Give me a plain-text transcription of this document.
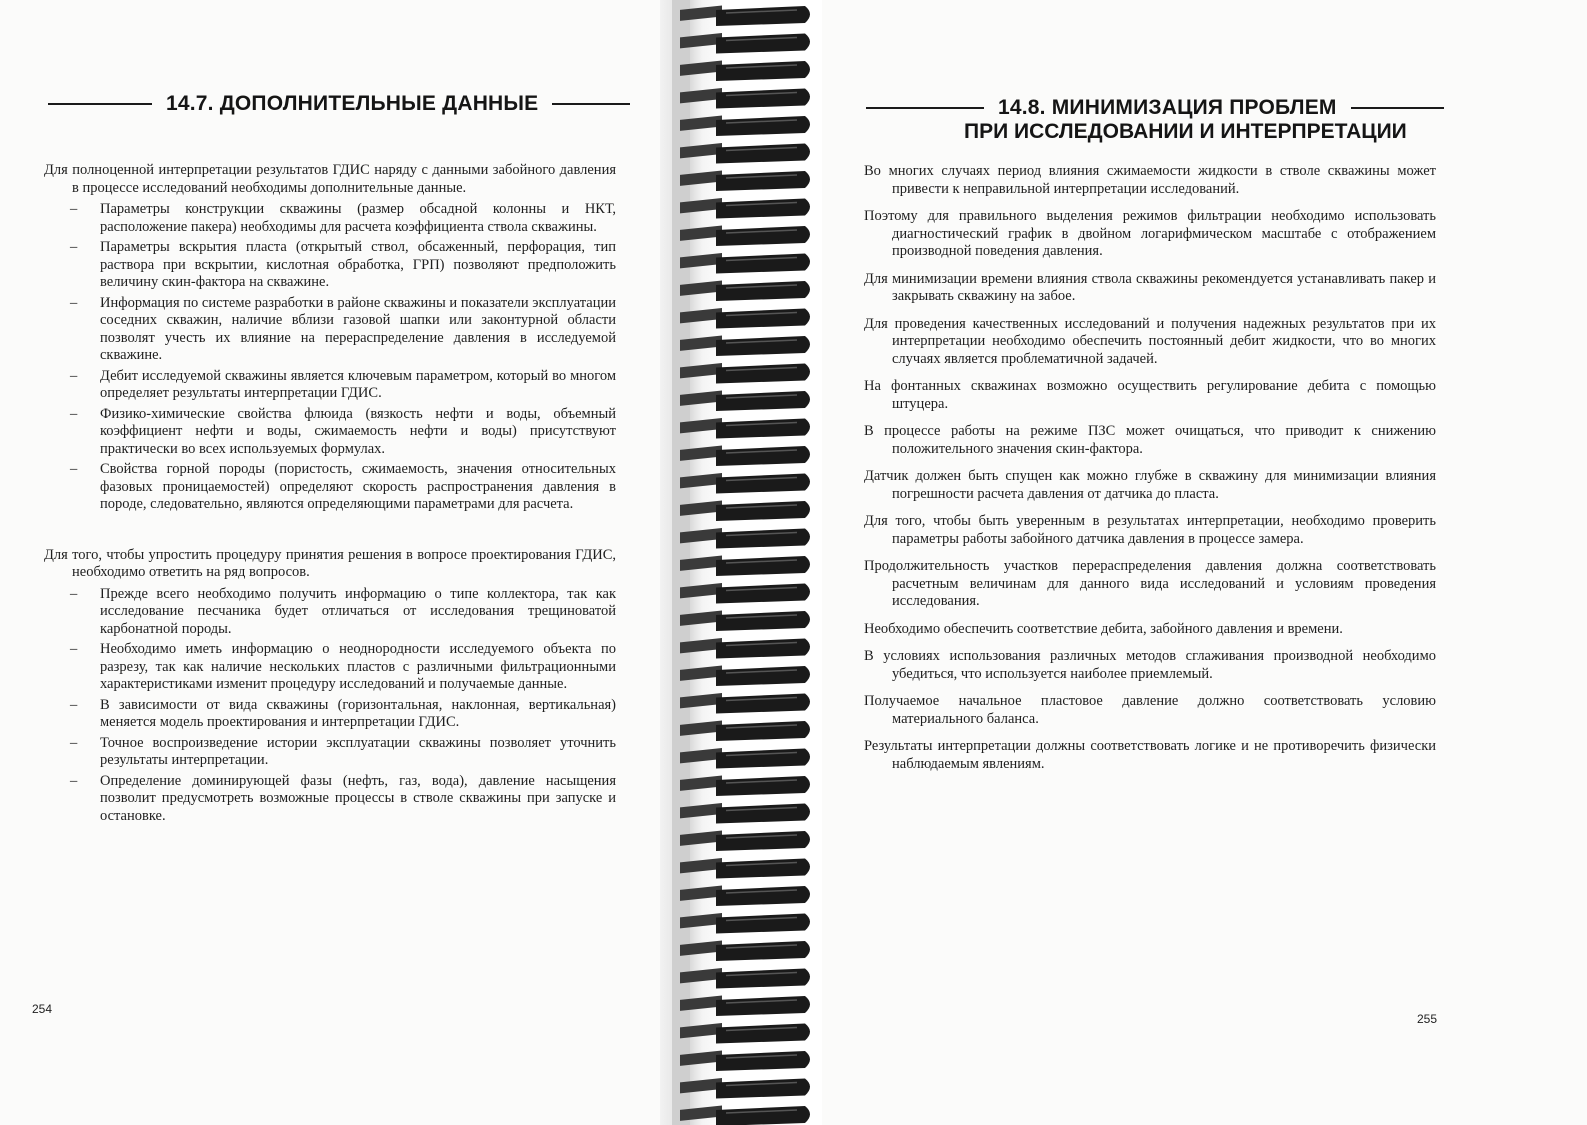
14.7. ДОПОЛНИТЕЛЬНЫЕ ДАННЫЕ

Для полноценной интерпретации результатов ГДИС наряду с данными забойного давления в процессе исследований необходимы дополнительные данные.

– Параметры конструкции скважины (размер обсадной колонны и НКТ, расположение пакера) необходимы для расчета коэффициента ствола скважины.
– Параметры вскрытия пласта (открытый ствол, обсаженный, перфорация, тип раствора при вскрытии, кислотная обработка, ГРП) позволяют предположить величину скин-фактора на скважине.
– Информация по системе разработки в районе скважины и показатели эксплуатации соседних скважин, наличие вблизи газовой шапки или законтурной области позволят учесть их влияние на перераспределение давления в исследуемой скважине.
– Дебит исследуемой скважины является ключевым параметром, который во многом определяет результаты интерпретации ГДИС.
– Физико-химические свойства флюида (вязкость нефти и воды, объемный коэффициент нефти и воды, сжимаемость нефти и воды) присутствуют практически во всех используемых формулах.
– Свойства горной породы (пористость, сжимаемость, значения относительных фазовых проницаемостей) определяют скорость распространения давления в породе, следовательно, являются определяющими параметрами для расчета.

Для того, чтобы упростить процедуру принятия решения в вопросе проектирования ГДИС, необходимо ответить на ряд вопросов.

– Прежде всего необходимо получить информацию о типе коллектора, так как исследование песчаника будет отличаться от исследования трещиноватой карбонатной породы.
– Необходимо иметь информацию о неоднородности исследуемого объекта по разрезу, так как наличие нескольких пластов с различными фильтрационными характеристиками изменит процедуру исследований и получаемые данные.
– В зависимости от вида скважины (горизонтальная, наклонная, вертикальная) меняется модель проектирования и интерпретации ГДИС.
– Точное воспроизведение истории эксплуатации скважины позволяет уточнить результаты интерпретации.
– Определение доминирующей фазы (нефть, газ, вода), давление насыщения позволит предусмотреть возможные процессы в стволе скважины при запуске и остановке.
254
14.8. МИНИМИЗАЦИЯ ПРОБЛЕМ
ПРИ ИССЛЕДОВАНИИ И ИНТЕРПРЕТАЦИИ

Во многих случаях период влияния сжимаемости жидкости в стволе скважины может привести к неправильной интерпретации исследований.

Поэтому для правильного выделения режимов фильтрации необходимо использовать диагностический график в двойном логарифмическом масштабе с отображением производной поведения давления.

Для минимизации времени влияния ствола скважины рекомендуется устанавливать пакер и закрывать скважину на забое.

Для проведения качественных исследований и получения надежных результатов при их интерпретации необходимо обеспечить постоянный дебит жидкости, что во многих случаях является проблематичной задачей.

На фонтанных скважинах возможно осуществить регулирование дебита с помощью штуцера.

В процессе работы на режиме ПЗС может очищаться, что приводит к снижению положительного значения скин-фактора.

Датчик должен быть спущен как можно глубже в скважину для минимизации влияния погрешности расчета давления от датчика до пласта.

Для того, чтобы быть уверенным в результатах интерпретации, необходимо проверить параметры работы забойного датчика давления в процессе замера.

Продолжительность участков перераспределения давления должна соответствовать расчетным величинам для данного вида исследований и условиям проведения исследования.

Необходимо обеспечить соответствие дебита, забойного давления и времени.

В условиях использования различных методов сглаживания производной необходимо убедиться, что используется наиболее приемлемый.

Получаемое начальное пластовое давление должно соответствовать условию материального баланса.

Результаты интерпретации должны соответствовать логике и не противоречить физически наблюдаемым явлениям.

255
